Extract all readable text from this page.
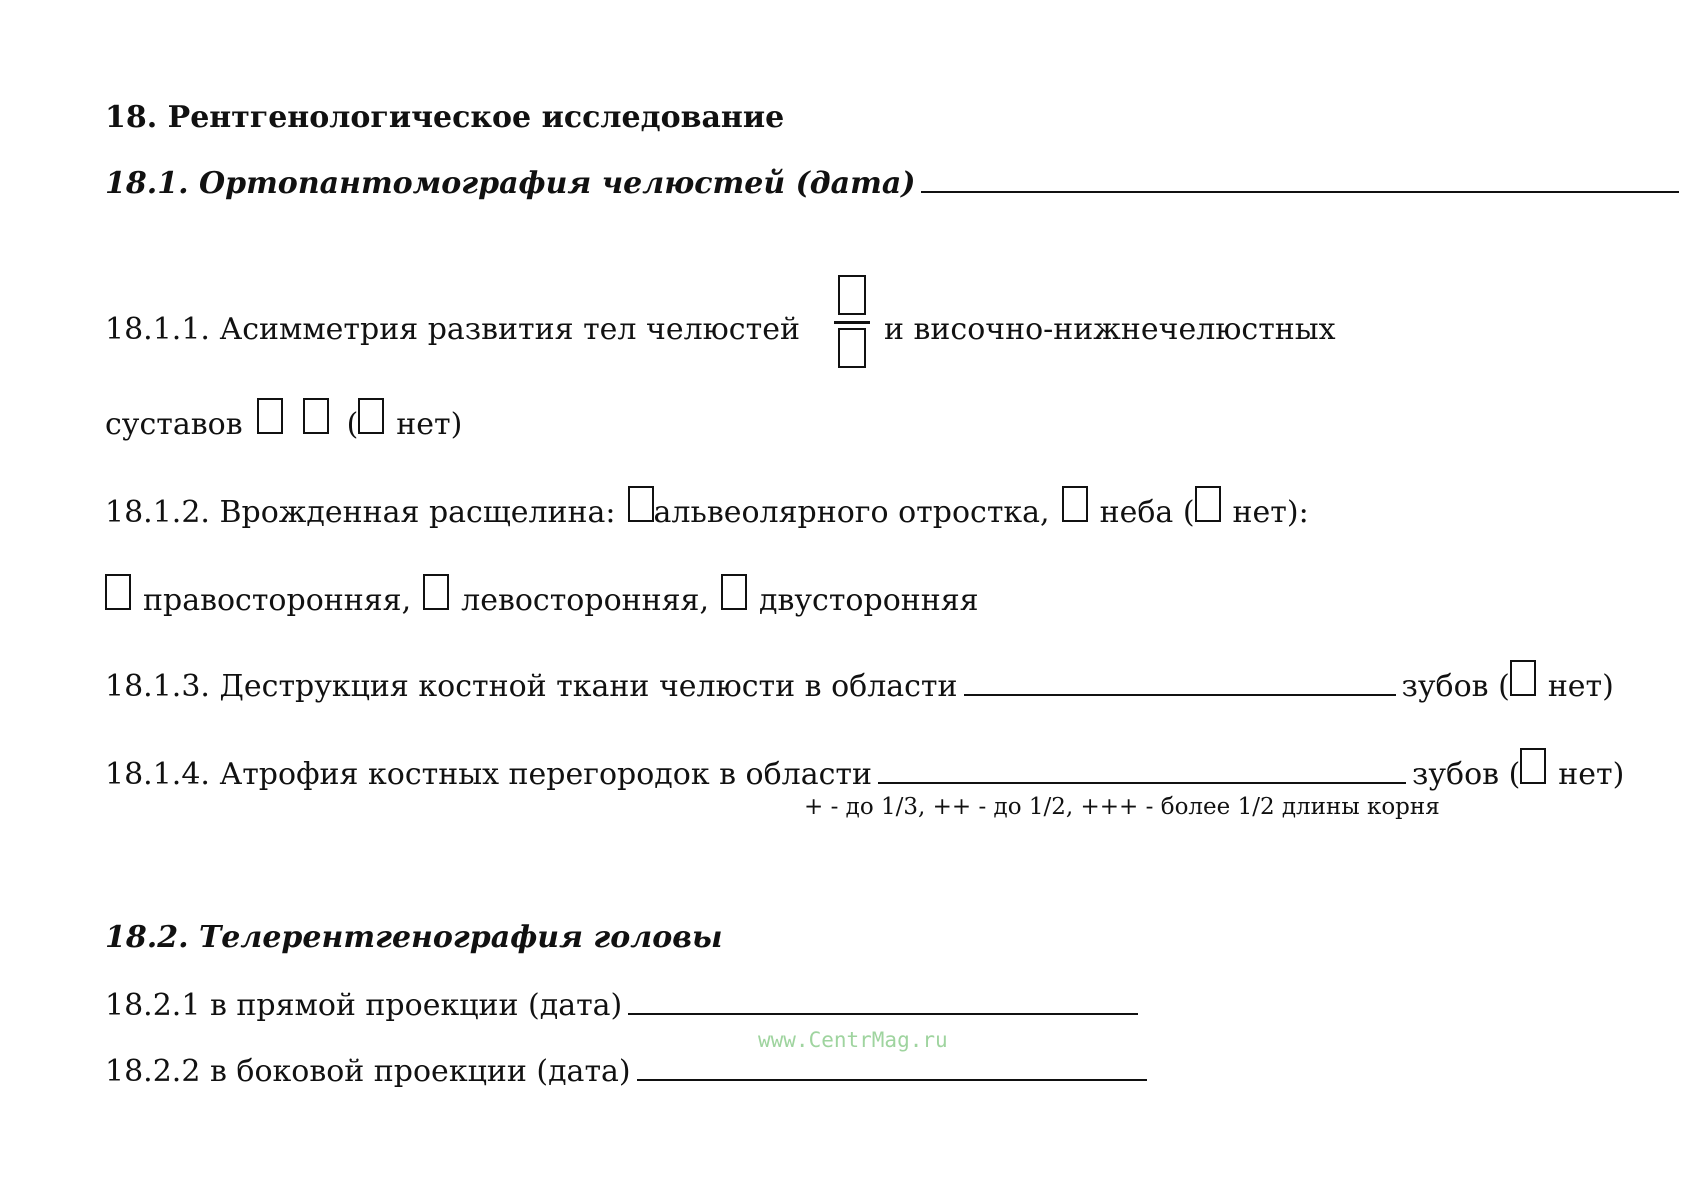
18. Рентгенологическое исследование
18.1. Ортопантомография челюстей (дата)
18.1.1. Асимметрия развития тел челюстей	и височно-нижнечелюстных
суставов	( нет)
18.1.2. Врожденная расщелина: альвеолярного отростка, неба ( нет):
правосторонняя, левосторонняя, двусторонняя
18.1.3. Деструкция костной ткани челюсти в области	зубов ( нет)
18.1.4. Атрофия костных перегородок в области	зубов ( нет)
+ - до 1/3, ++ - до 1/2, +++ - более 1/2 длины корня
18.2. Телерентгенография головы
18.2.1 в прямой проекции (дата)
www.CentrMag.ru
18.2.2 в боковой проекции (дата)
